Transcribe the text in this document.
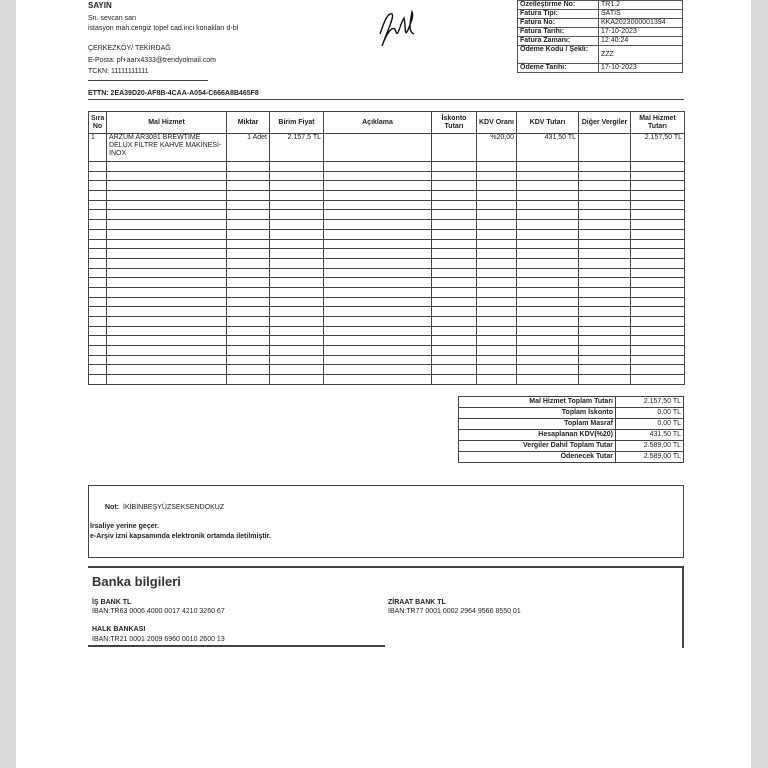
SAYIN
Sn. sevcan sarı
istasyon mah.cengiz topel cad.inci konakları d-bl
ÇERKEZKÖY/ TEKİRDAĞ
E-Posta: pf+aarx4333@trendyolmail.com
TCKN: 11111111111
ETTN: 2EA39D20-AF8B-4CAA-A054-C666A8B465F8
Özelleştirme No:	TR1.2
Fatura Tipi:	SATIS
Fatura No:	KKA2023000001394
Fatura Tarihi:	17-10-2023
Fatura Zamanı:	12:40:24
Ödeme Kodu / Şekli:	ZZZ
Ödeme Tarihi:	17-10-2023
Sıra No	Mal Hizmet	Miktar	Birim Fiyat	Açıklama	İskonto Tutarı	KDV Oranı	KDV Tutarı	Diğer Vergiler	Mal Hizmet Tutarı
1	ARZUM AR3081 BREWTIME DELUX FİLTRE KAHVE MAKİNESİ-İNOX	1 Adet	2.157,5 TL			%20,00	431,50 TL		2.157,50 TL

Mal Hizmet Toplam Tutarı	2.157,50 TL
Toplam İskonto	0,00 TL
Toplam Masraf	0,00 TL
Hesaplanan KDV(%20)	431,50 TL
Vergiler Dahil Toplam Tutar	2.589,00 TL
Ödenecek Tutar	2.589,00 TL
Not: İKİBİNBEŞYÜZSEKSENDOKUZ
İrsaliye yerine geçer.
e-Arşiv izni kapsamında elektronik ortamda iletilmiştir.
Banka bilgileri
İŞ BANK TL
IBAN:TR63 0006 4000 0017 4210 3260 67
ZİRAAT BANK TL
IBAN:TR77 0001 0002 2964 9566 8550 01
HALK BANKASI
IBAN:TR21 0001 2009 6960 0010 2600 13
